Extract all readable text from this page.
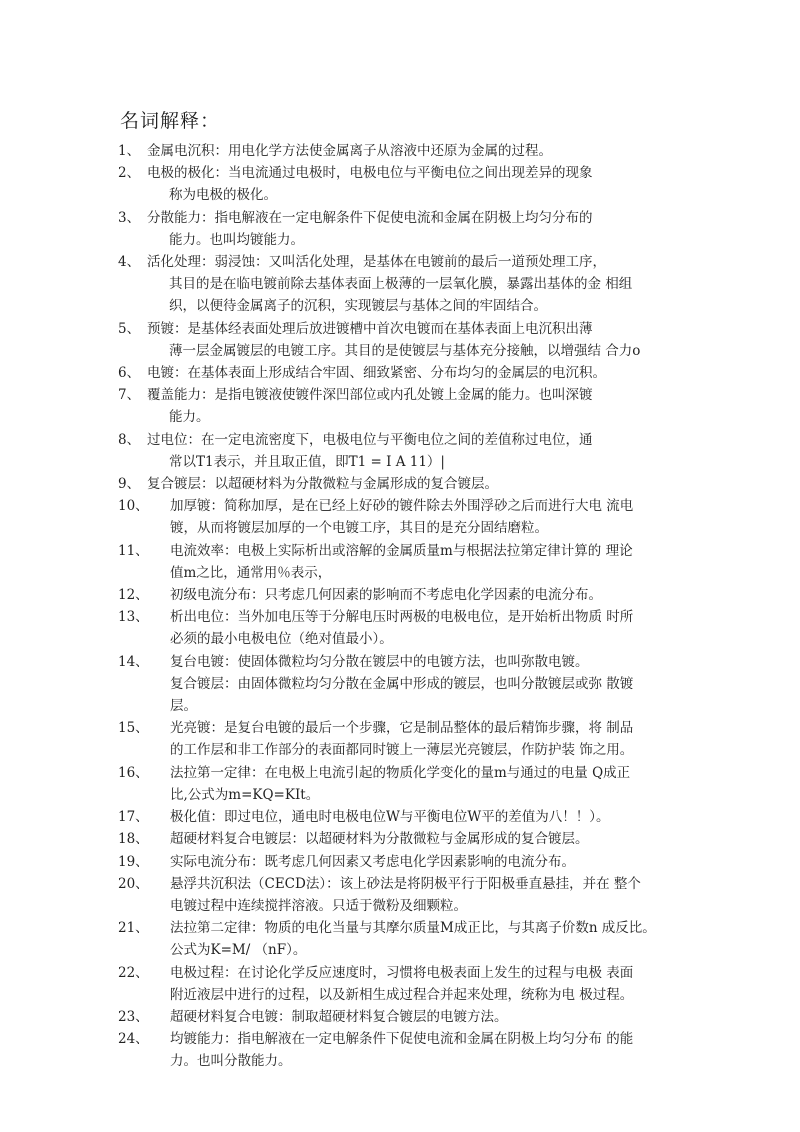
名词解释：
1、 金属电沉积：用电化学方法使金属离子从溶液中还原为金属的过程。
2、 电极的极化：当电流通过电极时，电极电位与平衡电位之间出现差异的现象
称为电极的极化。
3、 分散能力：指电解液在一定电解条件下促使电流和金属在阴极上均匀分布的
能力。也叫均镀能力。
4、 活化处理：弱浸蚀：又叫活化处理，是基体在电镀前的最后一道预处理工序，
其目的是在临电镀前除去基体表面上极薄的一层氧化膜，暴露出基体的金 相组
织，以便待金属离子的沉积，实现镀层与基体之间的牢固结合。
5、 预镀：是基体经表面处理后放进镀槽中首次电镀而在基体表面上电沉积出薄
薄一层金属镀层的电镀工序。其目的是使镀层与基体充分接触，以增强结 合力o
6、 电镀：在基体表面上形成结合牢固、细致紧密、分布均匀的金属层的电沉积。
7、 覆盖能力：是指电镀液使镀件深凹部位或内孔处镀上金属的能力。也叫深镀
能力。
8、 过电位：在一定电流密度下，电极电位与平衡电位之间的差值称过电位，通
常以T1表示，并且取正值，即T1 = I A 11）|
9、 复合镀层：以超硬材料为分散微粒与金属形成的复合镀层。
10、	加厚镀：简称加厚，是在已经上好砂的镀件除去外围浮砂之后而进行大电 流电
镀，从而将镀层加厚的一个电镀工序，其目的是充分固结磨粒。
11、	电流效率：电极上实际析出或溶解的金属质量m与根据法拉第定律计算的 理论
值m之比，通常用％表示，
12、	初级电流分布：只考虑几何因素的影响而不考虑电化学因素的电流分布。
13、	析出电位：当外加电压等于分解电压时两极的电极电位，是开始析出物质 时所
必须的最小电极电位（绝对值最小）。
14、	复台电镀：使固体微粒均匀分散在镀层中的电镀方法，也叫弥散电镀。
复合镀层：由固体微粒均匀分散在金属中形成的镀层，也叫分散镀层或弥 散镀
层。
15、	光亮镀：是复台电镀的最后一个步骤，它是制品整体的最后精饰步骤，将 制品
的工作层和非工作部分的表面都同时镀上一薄层光亮镀层，作防护装 饰之用。
16、	法拉第一定律：在电极上电流引起的物质化学变化的量m与通过的电量 Q成正
比,公式为m=KQ=KIt。
17、	极化值：即过电位，通电时电极电位W与平衡电位W平的差值为八！！）。
18、	超硬材料复合电镀层：以超硬材料为分散微粒与金属形成的复合镀层。
19、	实际电流分布：既考虑几何因素又考虑电化学因素影响的电流分布。
20、	悬浮共沉积法（CECD法）：该上砂法是将阴极平行于阳极垂直悬挂，并在 整个
电镀过程中连续搅拌溶液。只适于微粉及细颗粒。
21、	法拉第二定律：物质的电化当量与其摩尔质量M成正比，与其离子价数n 成反比。
公式为K=M/ （nF）。
22、	电极过程：在讨论化学反应速度时，习惯将电极表面上发生的过程与电极 表面
附近液层中进行的过程，以及新相生成过程合并起来处理，统称为电 极过程。
23、	超硬材料复合电镀：制取超硬材料复合镀层的电镀方法。
24、	均镀能力：指电解液在一定电解条件下促使电流和金属在阴极上均匀分布 的能
力。也叫分散能力。
